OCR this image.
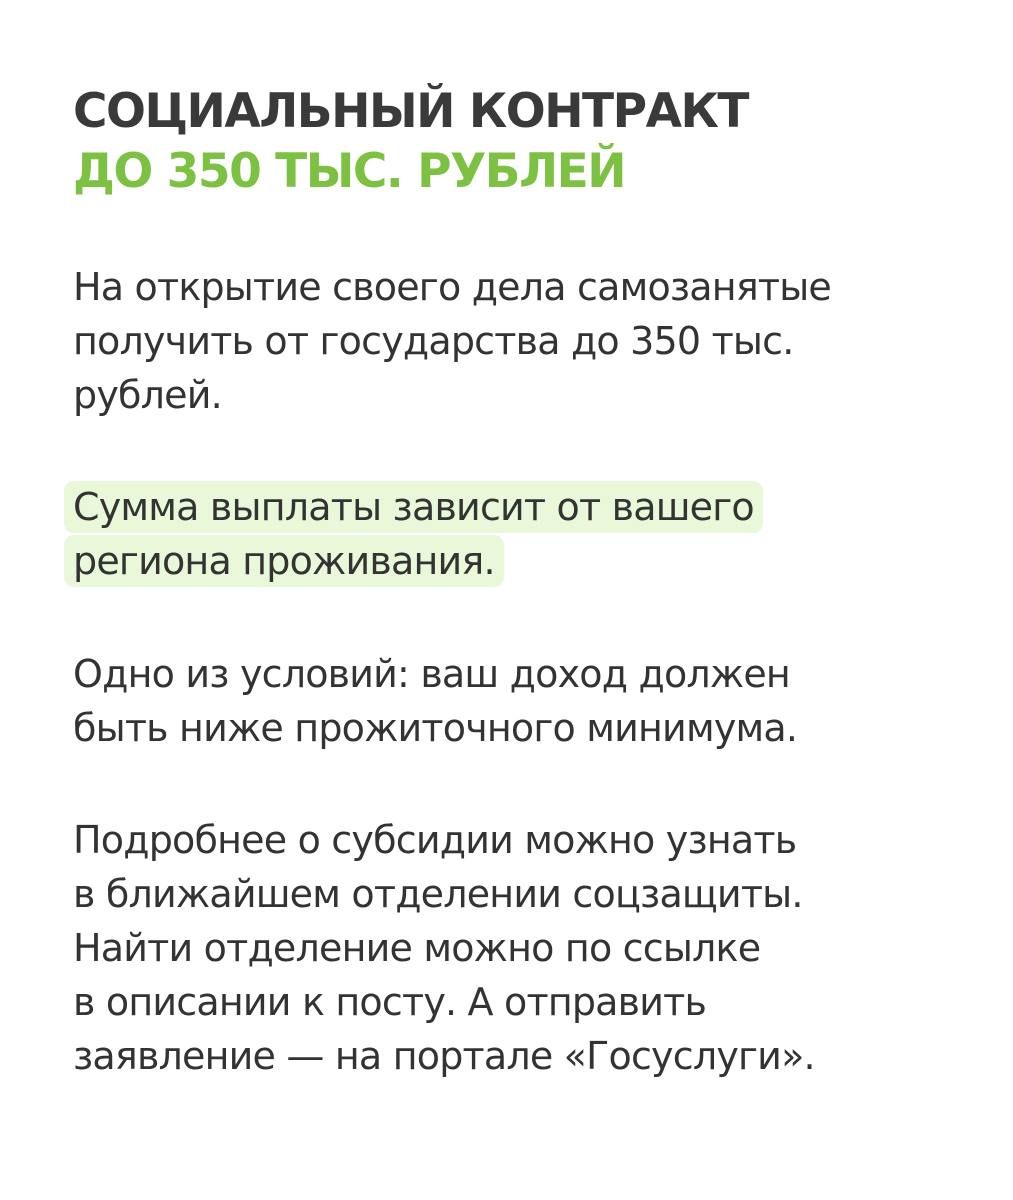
СОЦИАЛЬНЫЙ КОНТРАКТ
ДО 350 ТЫС. РУБЛЕЙ

На открытие своего дела самозанятые
получить от государства до 350 тыс.
рублей.

Сумма выплаты зависит от вашего
региона проживания.

Одно из условий: ваш доход должен
быть ниже прожиточного минимума.

Подробнее о субсидии можно узнать
в ближайшем отделении соцзащиты.
Найти отделение можно по ссылке
в описании к посту. А отправить
заявление — на портале «Госуслуги».
